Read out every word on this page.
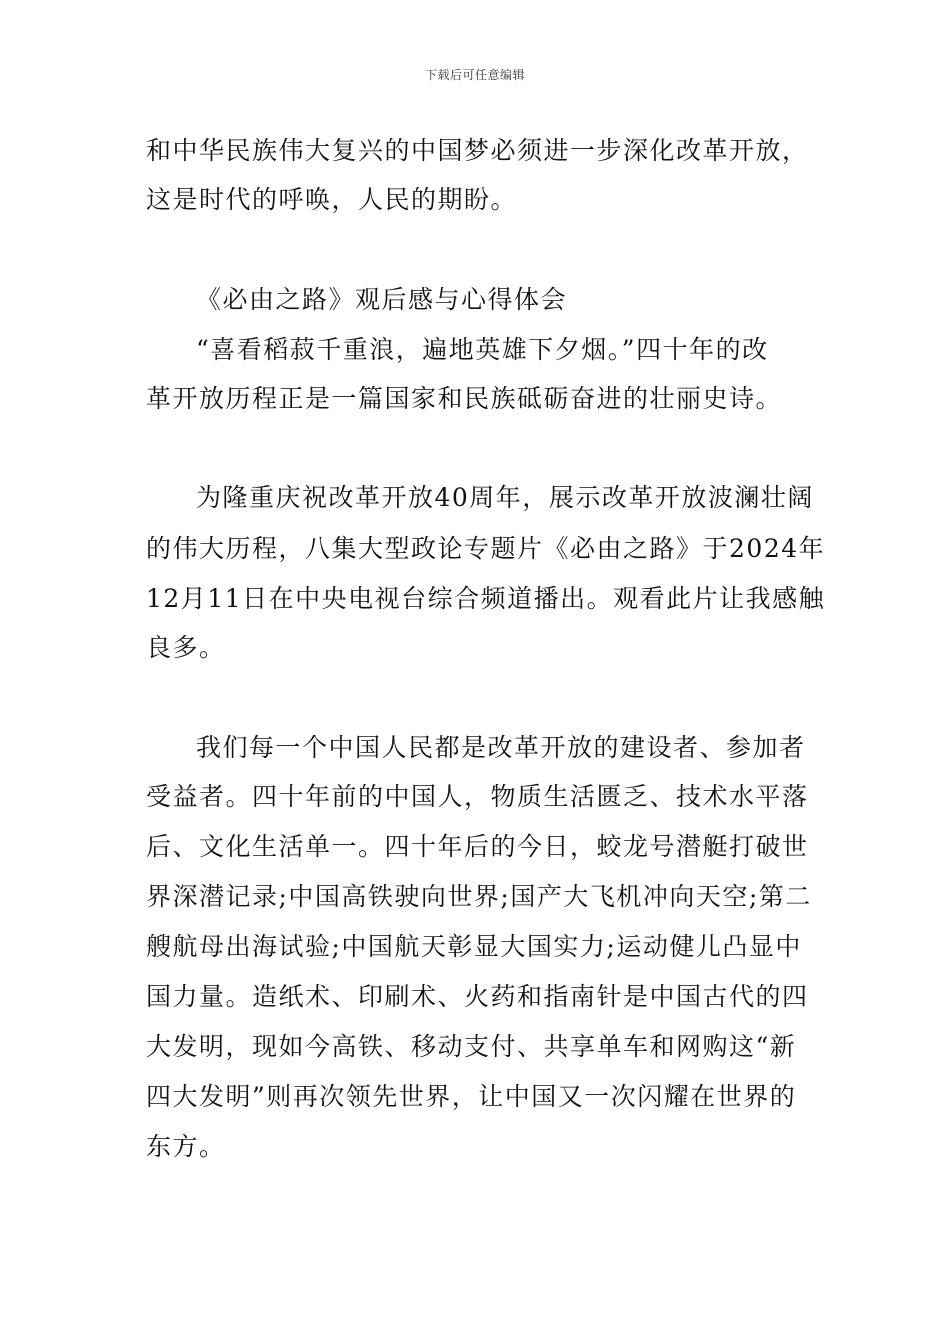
下载后可任意编辑
和中华民族伟大复兴的中国梦必须进一步深化改革开放，
这是时代的呼唤，人民的期盼。
《必由之路》观后感与心得体会
“喜看稻菽千重浪，遍地英雄下夕烟。”四十年的改
革开放历程正是一篇国家和民族砥砺奋进的壮丽史诗。
为隆重庆祝改革开放40周年，展示改革开放波澜壮阔
的伟大历程，八集大型政论专题片《必由之路》于2024年
12月11日在中央电视台综合频道播出。观看此片让我感触
良多。
我们每一个中国人民都是改革开放的建设者、参加者
受益者。四十年前的中国人，物质生活匮乏、技术水平落
后、文化生活单一。四十年后的今日，蛟龙号潜艇打破世
界深潜记录;中国高铁驶向世界;国产大飞机冲向天空;第二
艘航母出海试验;中国航天彰显大国实力;运动健儿凸显中
国力量。造纸术、印刷术、火药和指南针是中国古代的四
大发明，现如今高铁、移动支付、共享单车和网购这“新
四大发明”则再次领先世界，让中国又一次闪耀在世界的
东方。
